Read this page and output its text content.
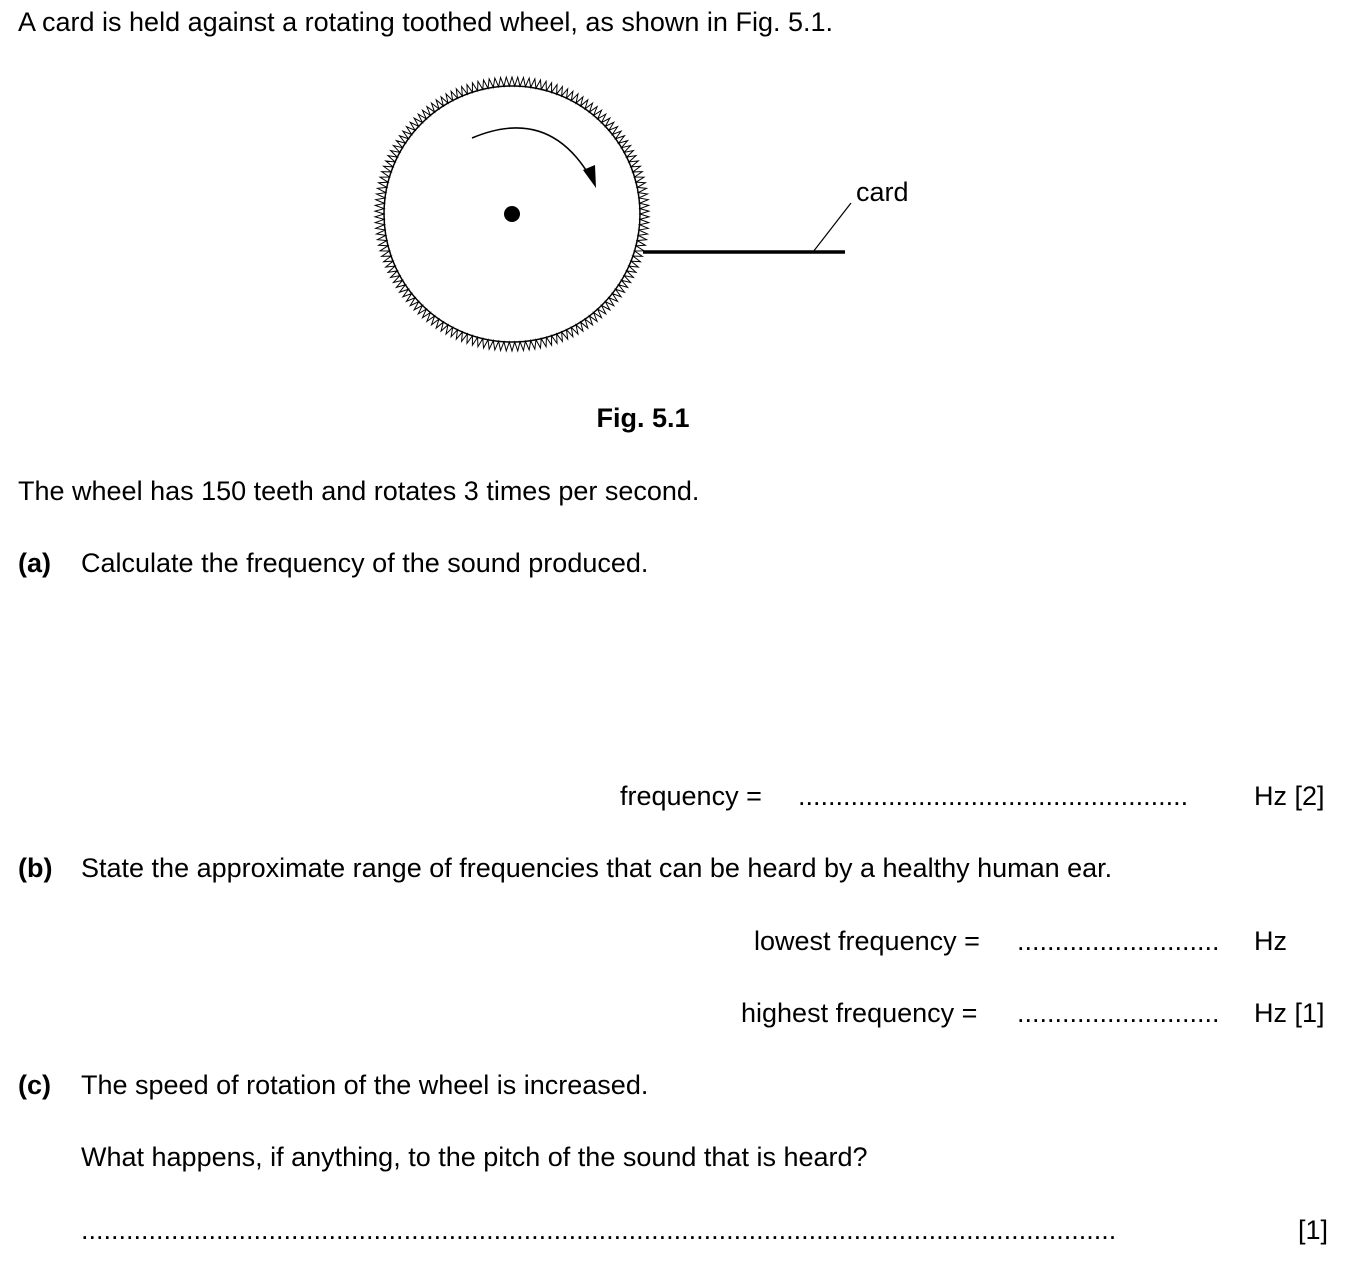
A card is held against a rotating toothed wheel, as shown in Fig. 5.1.
card
Fig. 5.1
The wheel has 150 teeth and rotates 3 times per second.
(a) Calculate the frequency of the sound produced.
frequency = .................................................... Hz [2]
(b) State the approximate range of frequencies that can be heard by a healthy human ear.
lowest frequency = ........................... Hz
highest frequency = ........................... Hz [1]
(c) The speed of rotation of the wheel is increased.
What happens, if anything, to the pitch of the sound that is heard?
..........................................................................................................................................	[1]
